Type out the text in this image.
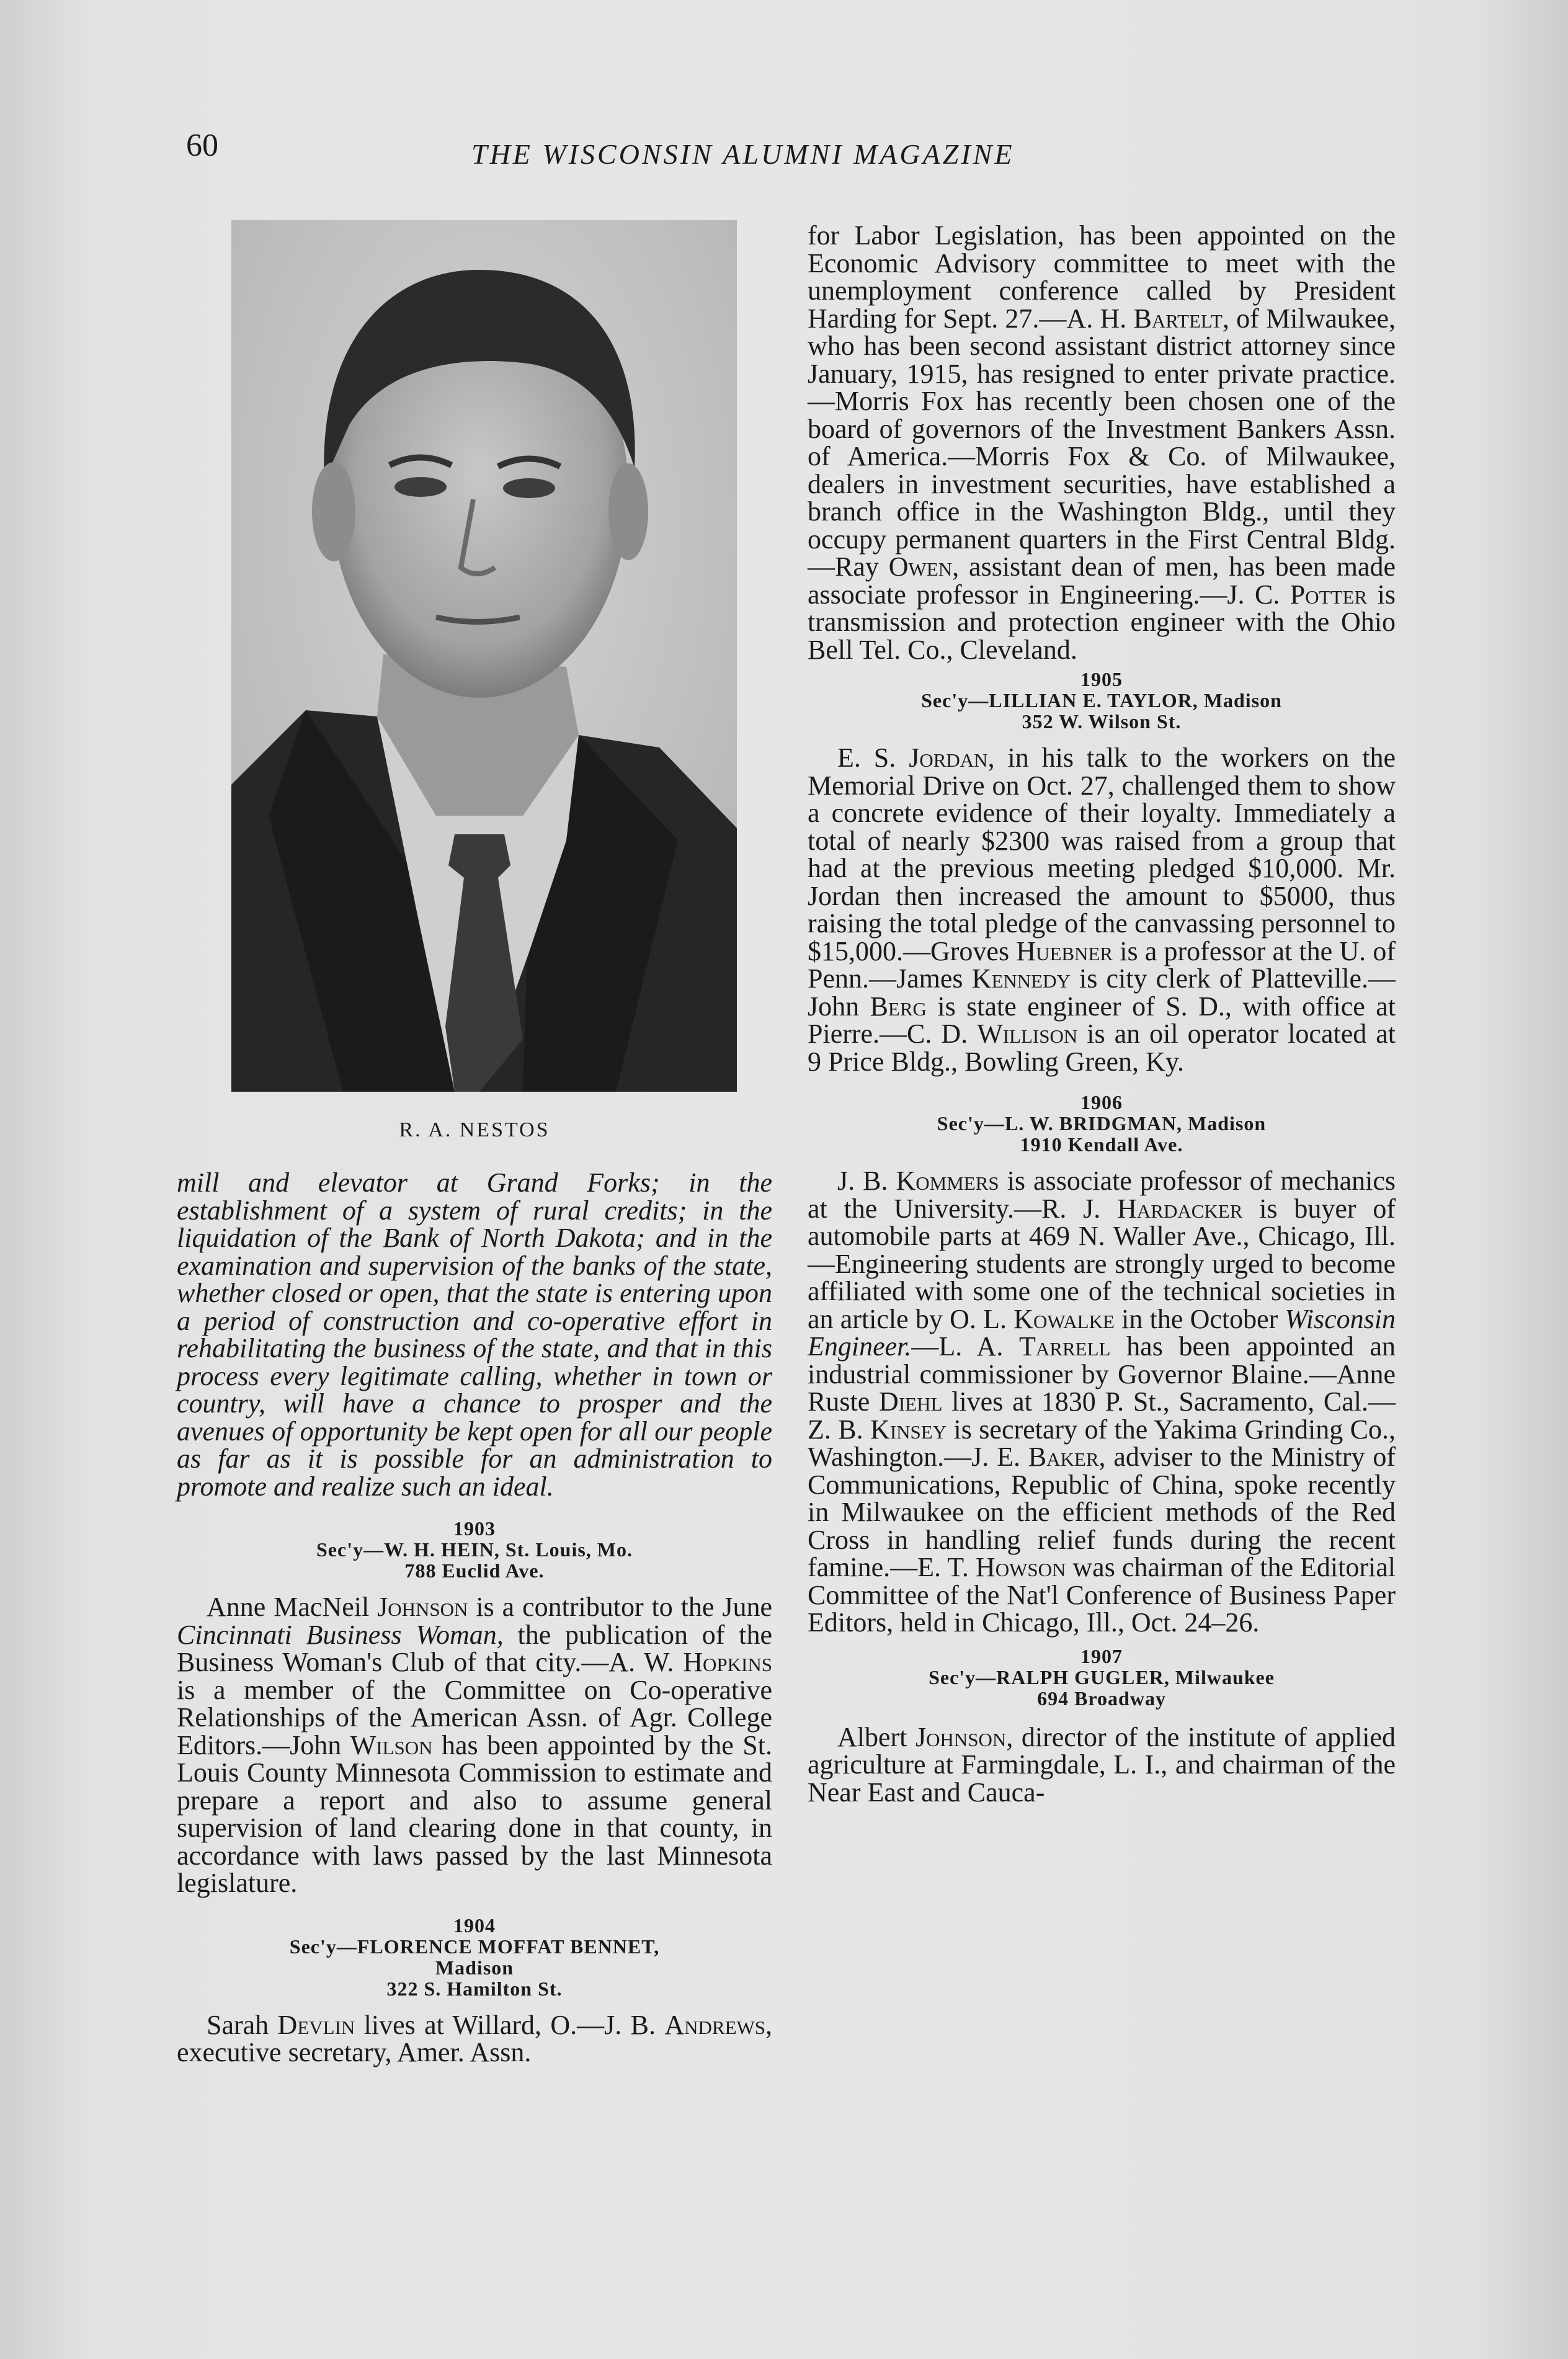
60	THE WISCONSIN ALUMNI MAGAZINE
R. A. NESTOS

mill and elevator at Grand Forks; in the establishment of a system of rural credits; in the liquidation of the Bank of North Dakota; and in the examination and supervision of the banks of the state, whether closed or open, that the state is entering upon a period of construction and co-operative effort in rehabilitating the business of the state, and that in this process every legitimate calling, whether in town or country, will have a chance to prosper and the avenues of opportunity be kept open for all our people as far as it is possible for an administration to promote and realize such an ideal.

1903
Sec'y—W. H. HEIN, St. Louis, Mo.
788 Euclid Ave.

Anne MacNeil Johnson is a contributor to the June Cincinnati Business Woman, the publication of the Business Woman's Club of that city.—A. W. Hopkins is a member of the Committee on Co-operative Relationships of the American Assn. of Agr. College Editors.—John Wilson has been appointed by the St. Louis County Minnesota Commission to estimate and prepare a report and also to assume general supervision of land clearing done in that county, in accordance with laws passed by the last Minnesota legislature.

1904
Sec'y—FLORENCE MOFFAT BENNET,
Madison
322 S. Hamilton St.

Sarah Devlin lives at Willard, O.—J. B. Andrews, executive secretary, Amer. Assn.

for Labor Legislation, has been appointed on the Economic Advisory committee to meet with the unemployment conference called by President Harding for Sept. 27.—A. H. Bartelt, of Milwaukee, who has been second assistant district attorney since January, 1915, has resigned to enter private practice.—Morris Fox has recently been chosen one of the board of governors of the Investment Bankers Assn. of America.—Morris Fox & Co. of Milwaukee, dealers in investment securities, have established a branch office in the Washington Bldg., until they occupy permanent quarters in the First Central Bldg.—Ray Owen, assistant dean of men, has been made associate professor in Engineering.—J. C. Potter is transmission and protection engineer with the Ohio Bell Tel. Co., Cleveland.

1905
Sec'y—LILLIAN E. TAYLOR, Madison
352 W. Wilson St.

E. S. Jordan, in his talk to the workers on the Memorial Drive on Oct. 27, challenged them to show a concrete evidence of their loyalty. Immediately a total of nearly $2300 was raised from a group that had at the previous meeting pledged $10,000. Mr. Jordan then increased the amount to $5000, thus raising the total pledge of the canvassing personnel to $15,000.—Groves Huebner is a professor at the U. of Penn.—James Kennedy is city clerk of Platteville.—John Berg is state engineer of S. D., with office at Pierre.—C. D. Willison is an oil operator located at 9 Price Bldg., Bowling Green, Ky.

1906
Sec'y—L. W. BRIDGMAN, Madison
1910 Kendall Ave.

J. B. Kommers is associate professor of mechanics at the University.—R. J. Hardacker is buyer of automobile parts at 469 N. Waller Ave., Chicago, Ill.—Engineering students are strongly urged to become affiliated with some one of the technical societies in an article by O. L. Kowalke in the October Wisconsin Engineer.—L. A. Tarrell has been appointed an industrial commissioner by Governor Blaine.—Anne Ruste Diehl lives at 1830 P. St., Sacramento, Cal.—Z. B. Kinsey is secretary of the Yakima Grinding Co., Washington.—J. E. Baker, adviser to the Ministry of Communications, Republic of China, spoke recently in Milwaukee on the efficient methods of the Red Cross in handling relief funds during the recent famine.—E. T. Howson was chairman of the Editorial Committee of the Nat'l Conference of Business Paper Editors, held in Chicago, Ill., Oct. 24–26.

1907
Sec'y—RALPH GUGLER, Milwaukee
694 Broadway

Albert Johnson, director of the institute of applied agriculture at Farmingdale, L. I., and chairman of the Near East and Cauca-
